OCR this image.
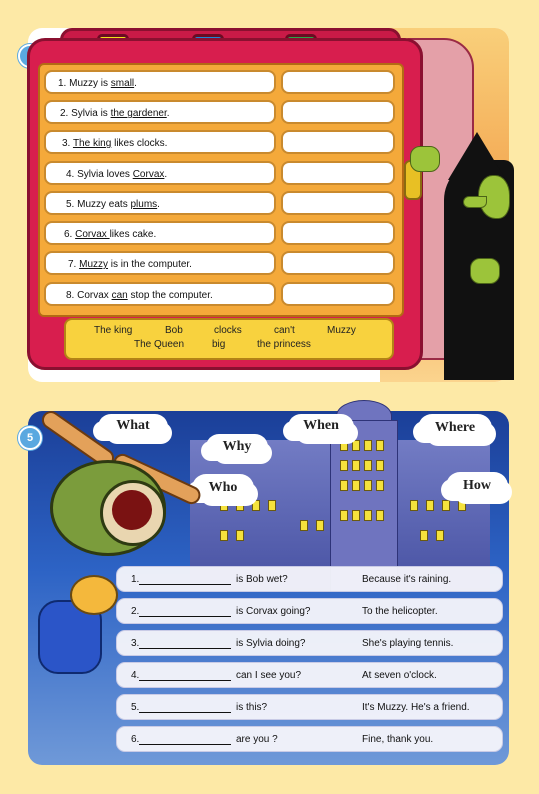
1. Muzzy is small.
2. Sylvia is the gardener.
3. The king likes clocks.
4. Sylvia loves Corvax.
5. Muzzy eats plums.
6. Corvax likes cake.
7. Muzzy is in the computer.
8. Corvax can stop the computer.
The king	Bob	clocks	can't	Muzzy
The Queen	big	the princess
5
What
Why
When	Where
Who	How
1.	is Bob wet?	Because it's raining.
2.	is Corvax going?	To the helicopter.
3.	is Sylvia doing?	She's playing tennis.
4.	can I see you?	At seven o'clock.
5.	is this?	It's Muzzy. He's a friend.
6.	are you ?	Fine, thank you.
